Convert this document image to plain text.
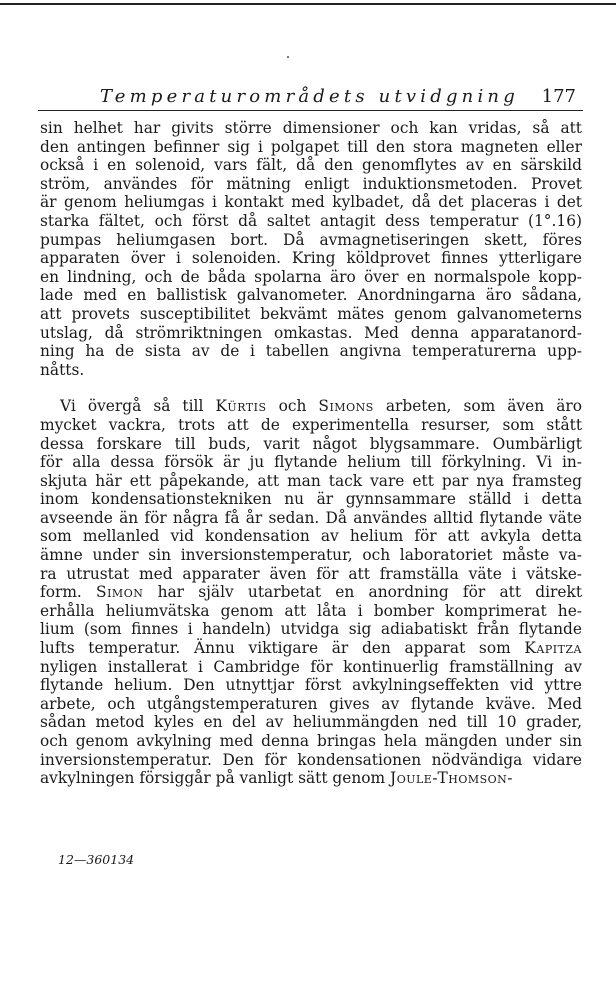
Temperaturområdets utvidgning 177
sin helhet har givits större dimensioner och kan vridas, så att
den antingen befinner sig i polgapet till den stora magneten eller
också i en solenoid, vars fält, då den genomflytes av en särskild
ström, användes för mätning enligt induktionsmetoden. Provet
är genom heliumgas i kontakt med kylbadet, då det placeras i det
starka fältet, och först då saltet antagit dess temperatur (1°.16)
pumpas heliumgasen bort. Då avmagnetiseringen skett, föres
apparaten över i solenoiden. Kring köldprovet finnes ytterligare
en lindning, och de båda spolarna äro över en normalspole kopp-
lade med en ballistisk galvanometer. Anordningarna äro sådana,
att provets susceptibilitet bekvämt mätes genom galvanometerns
utslag, då strömriktningen omkastas. Med denna apparatanord-
ning ha de sista av de i tabellen angivna temperaturerna upp-
nåtts.
Vi övergå så till Kürtis och Simons arbeten, som även äro
mycket vackra, trots att de experimentella resurser, som stått
dessa forskare till buds, varit något blygsammare. Oumbärligt
för alla dessa försök är ju flytande helium till förkylning. Vi in-
skjuta här ett påpekande, att man tack vare ett par nya framsteg
inom kondensationstekniken nu är gynnsammare ställd i detta
avseende än för några få år sedan. Då användes alltid flytande väte
som mellanled vid kondensation av helium för att avkyla detta
ämne under sin inversionstemperatur, och laboratoriet måste va-
ra utrustat med apparater även för att framställa väte i vätske-
form. Simon har själv utarbetat en anordning för att direkt
erhålla heliumvätska genom att låta i bomber komprimerat he-
lium (som finnes i handeln) utvidga sig adiabatiskt från flytande
lufts temperatur. Ännu viktigare är den apparat som Kapitza
nyligen installerat i Cambridge för kontinuerlig framställning av
flytande helium. Den utnyttjar först avkylningseffekten vid yttre
arbete, och utgångstemperaturen gives av flytande kväve. Med
sådan metod kyles en del av heliummängden ned till 10 grader,
och genom avkylning med denna bringas hela mängden under sin
inversionstemperatur. Den för kondensationen nödvändiga vidare
avkylningen försiggår på vanligt sätt genom Joule-Thomson-
12—360134
